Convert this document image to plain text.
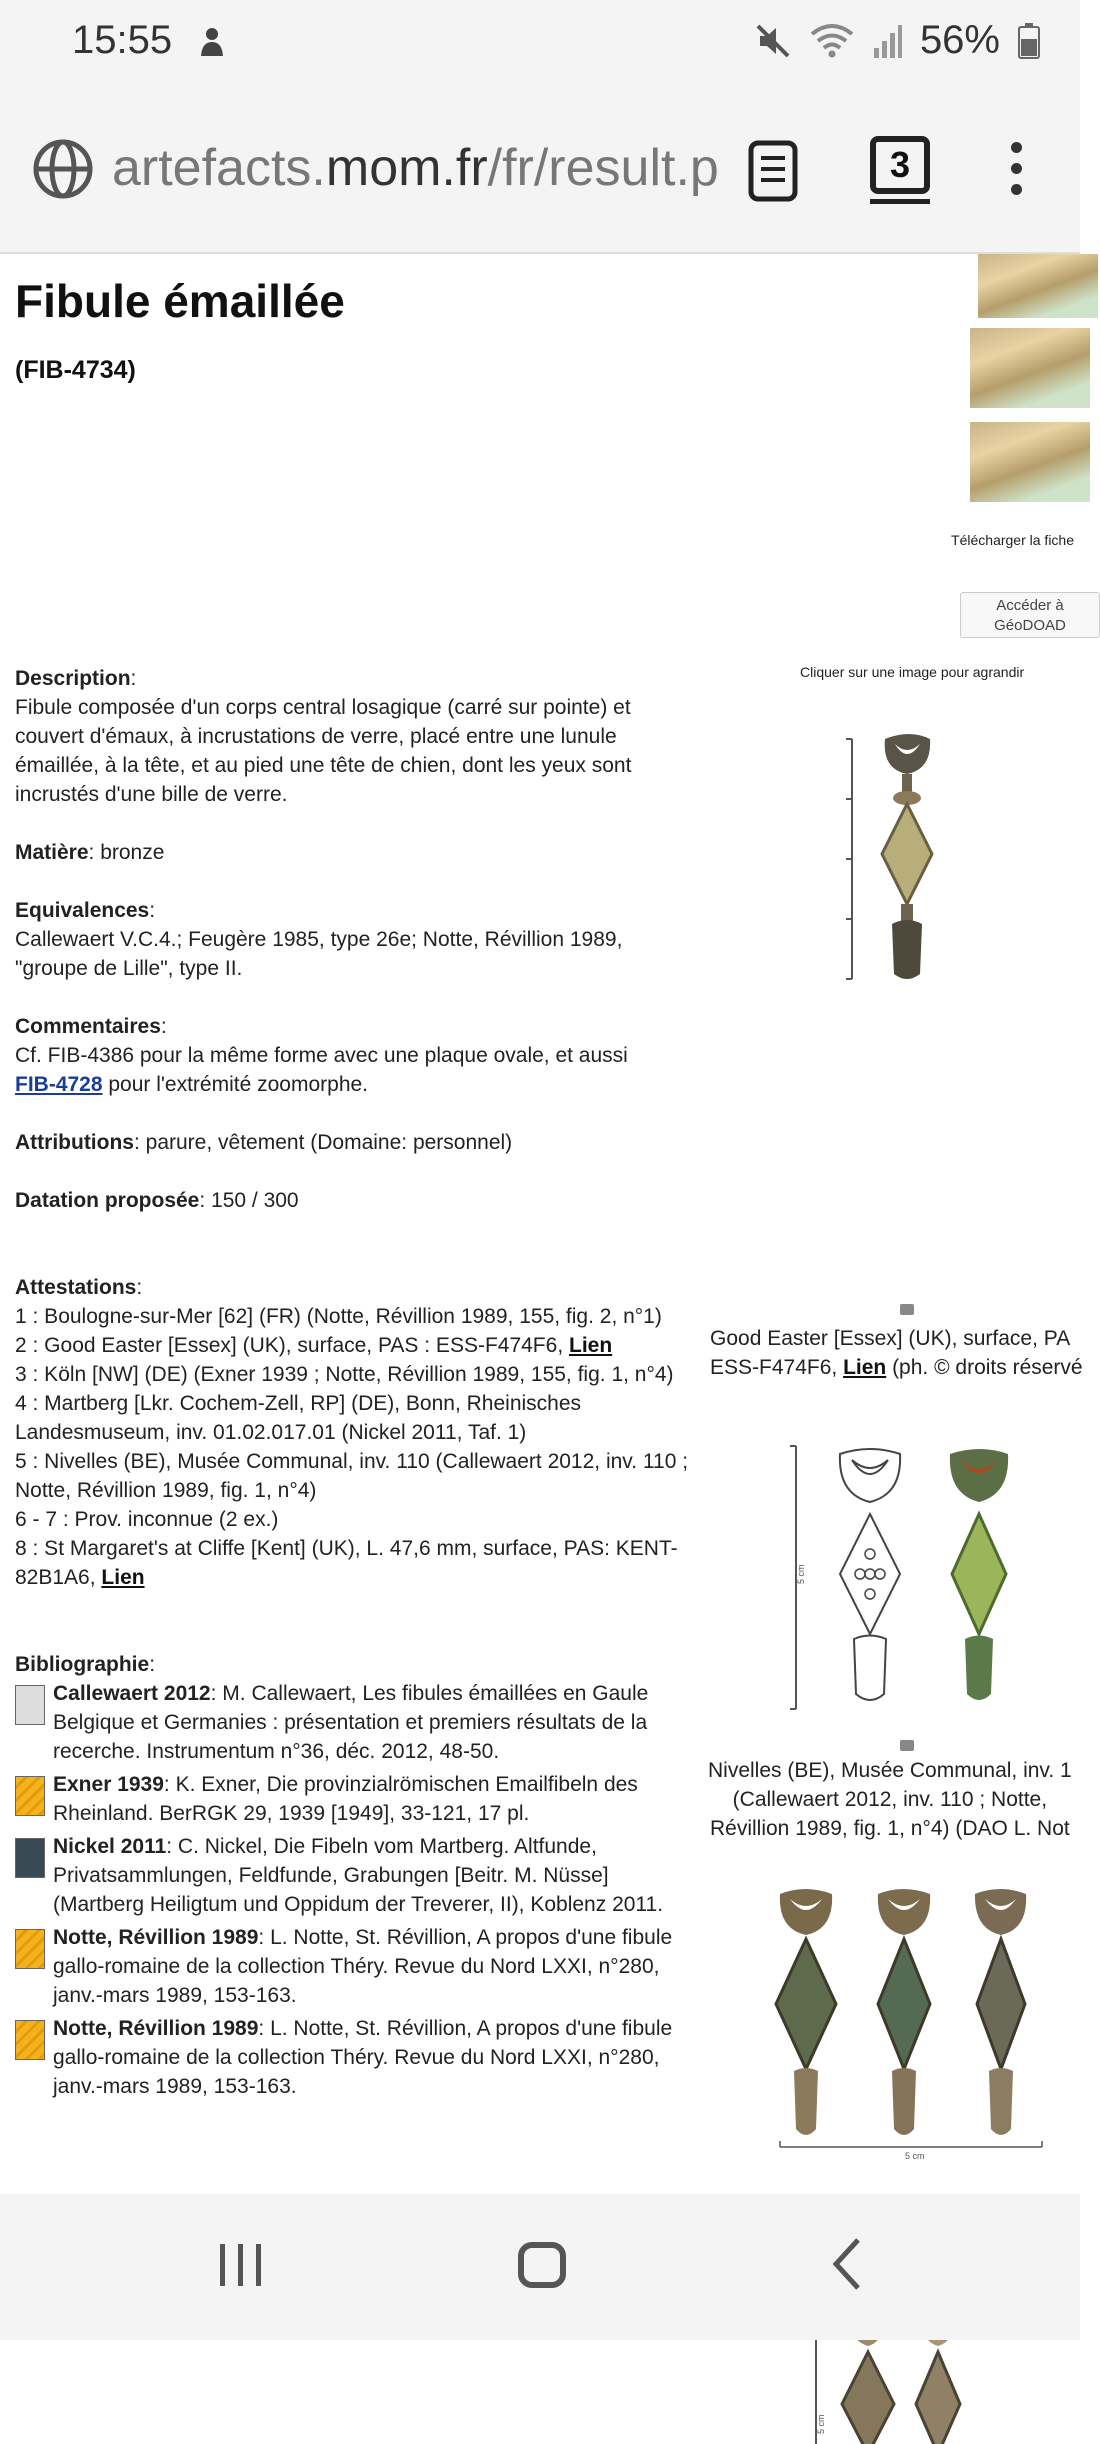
15:55	56%
artefacts.mom.fr/fr/result.p	3
Fibule émaillée
(FIB-4734)
Télécharger la fiche
Accéder à
GéoDOAD
Description:
Fibule composée d'un corps central losagique (carré sur pointe) et couvert d'émaux, à incrustations de verre, placé entre une lunule émaillée, à la tête, et au pied une tête de chien, dont les yeux sont incrustés d'une bille de verre.
Matière: bronze
Equivalences:
Callewaert V.C.4.; Feugère 1985, type 26e; Notte, Révillion 1989, "groupe de Lille", type II.
Commentaires:
Cf. FIB-4386 pour la même forme avec une plaque ovale, et aussi
FIB-4728 pour l'extrémité zoomorphe.
Attributions: parure, vêtement (Domaine: personnel)
Datation proposée: 150 / 300
Attestations:
1 : Boulogne-sur-Mer [62] (FR) (Notte, Révillion 1989, 155, fig. 2, n°1)
2 : Good Easter [Essex] (UK), surface, PAS : ESS-F474F6, Lien
3 : Köln [NW] (DE) (Exner 1939 ; Notte, Révillion 1989, 155, fig. 1, n°4)
4 : Martberg [Lkr. Cochem-Zell, RP] (DE), Bonn, Rheinisches Landesmuseum, inv. 01.02.017.01 (Nickel 2011, Taf. 1)
5 : Nivelles (BE), Musée Communal, inv. 110 (Callewaert 2012, inv. 110 ; Notte, Révillion 1989, fig. 1, n°4)
6 - 7 : Prov. inconnue (2 ex.)
8 : St Margaret's at Cliffe [Kent] (UK), L. 47,6 mm, surface, PAS: KENT-82B1A6, Lien
Bibliographie:
Callewaert 2012: M. Callewaert, Les fibules émaillées en Gaule Belgique et Germanies : présentation et premiers résultats de la recerche. Instrumentum n°36, déc. 2012, 48-50.
Exner 1939: K. Exner, Die provinzialrömischen Emailfibeln des Rheinland. BerRGK 29, 1939 [1949], 33-121, 17 pl.
Nickel 2011: C. Nickel, Die Fibeln vom Martberg. Altfunde, Privatsammlungen, Feldfunde, Grabungen [Beitr. M. Nüsse] (Martberg Heiligtum und Oppidum der Treverer, II), Koblenz 2011.
Notte, Révillion 1989: L. Notte, St. Révillion, A propos d'une fibule gallo-romaine de la collection Théry. Revue du Nord LXXI, n°280, janv.-mars 1989, 153-163.
Notte, Révillion 1989: L. Notte, St. Révillion, A propos d'une fibule gallo-romaine de la collection Théry. Revue du Nord LXXI, n°280, janv.-mars 1989, 153-163.
Cliquer sur une image pour agrandir
Good Easter [Essex] (UK), surface, PA
ESS-F474F6, Lien (ph. © droits réservé
5 cm
Nivelles (BE), Musée Communal, inv. 1
(Callewaert 2012, inv. 110 ; Notte,
Révillion 1989, fig. 1, n°4) (DAO L. Not
5 cm
5 cm
